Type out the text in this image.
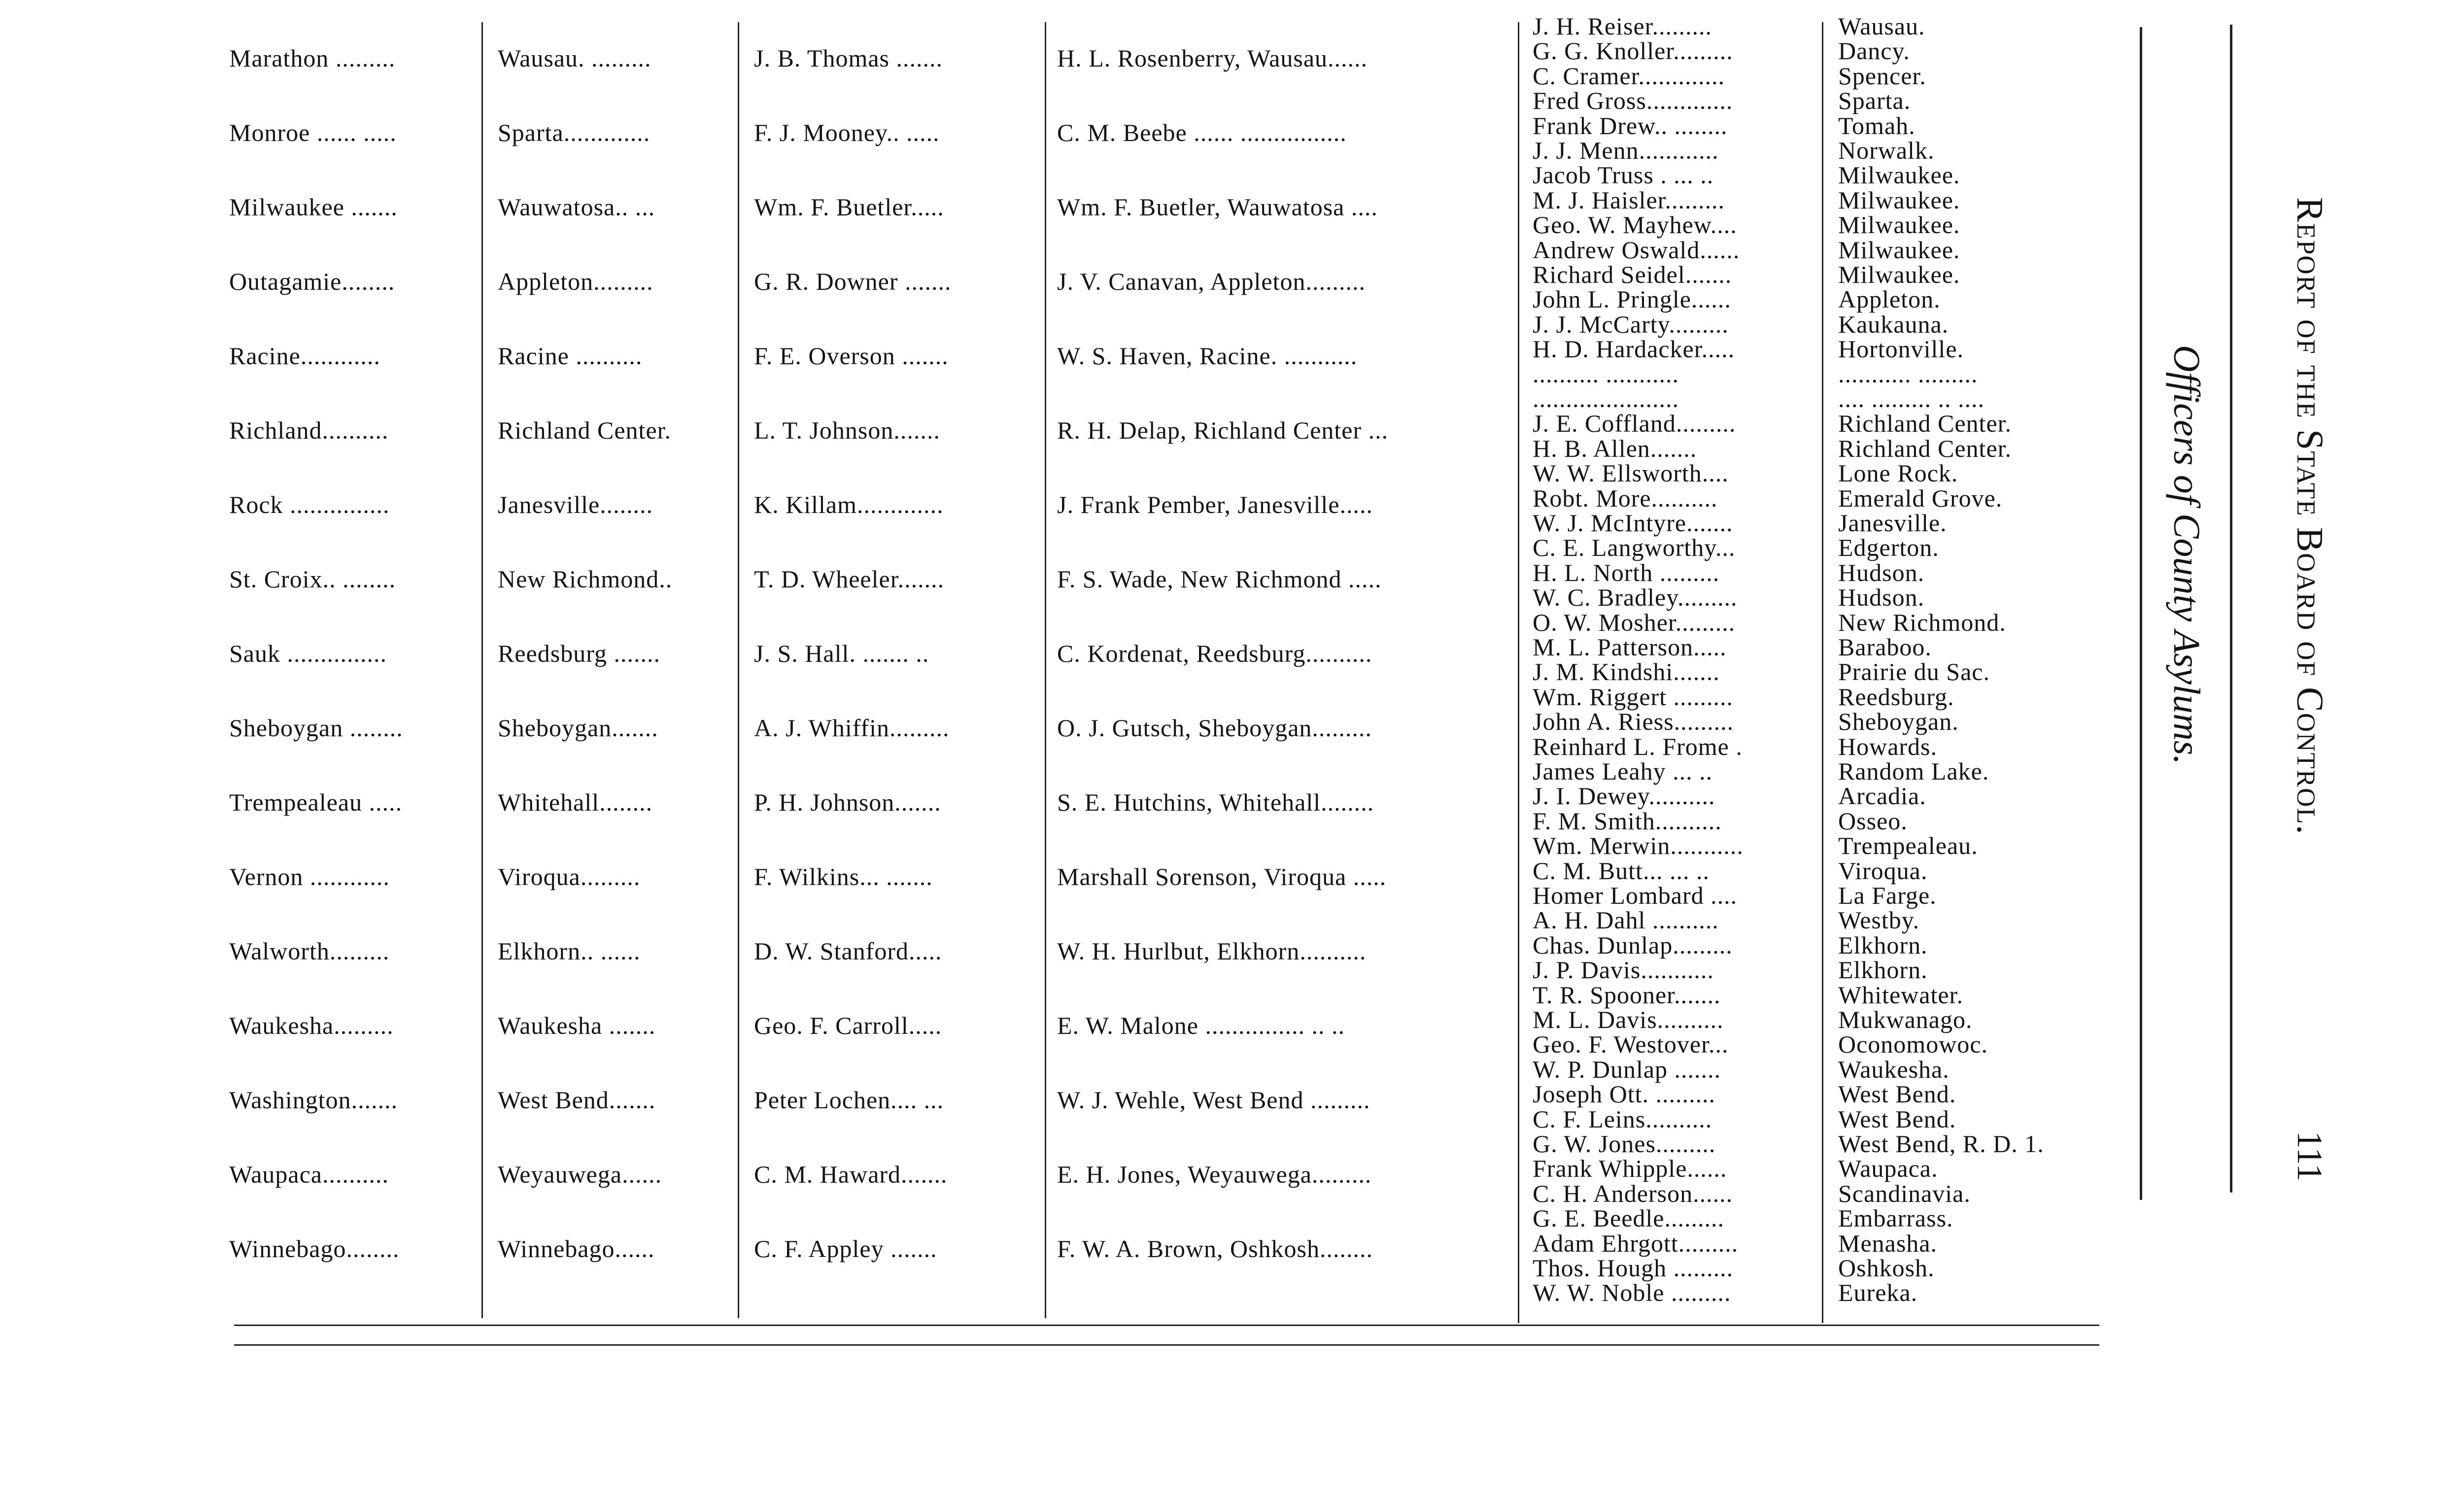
Marathon .........	Wausau. .........	J. B. Thomas .......	H. L. Rosenberry, Wausau......
Monroe ...... .....	Sparta.............	F. J. Mooney.. .....	C. M. Beebe ...... ................
Milwaukee .......	Wauwatosa.. ...	Wm. F. Buetler.....	Wm. F. Buetler, Wauwatosa ....
Outagamie........	Appleton.........	G. R. Downer .......	J. V. Canavan, Appleton.........
Racine............	Racine ..........	F. E. Overson .......	W. S. Haven, Racine. ...........
Richland..........	Richland Center.	L. T. Johnson.......	R. H. Delap, Richland Center ...
Rock ...............	Janesville........	K. Killam.............	J. Frank Pember, Janesville.....
St. Croix.. ........	New Richmond..	T. D. Wheeler.......	F. S. Wade, New Richmond .....
Sauk ...............	Reedsburg .......	J. S. Hall. ....... ..	C. Kordenat, Reedsburg..........
Sheboygan ........	Sheboygan.......	A. J. Whiffin.........	O. J. Gutsch, Sheboygan.........
Trempealeau .....	Whitehall........	P. H. Johnson.......	S. E. Hutchins, Whitehall........
Vernon ............	Viroqua.........	F. Wilkins... .......	Marshall Sorenson, Viroqua .....
Walworth.........	Elkhorn.. ......	D. W. Stanford.....	W. H. Hurlbut, Elkhorn..........
Waukesha.........	Waukesha .......	Geo. F. Carroll.....	E. W. Malone ............... .. ..
Washington.......	West Bend.......	Peter Lochen.... ...	W. J. Wehle, West Bend .........
Waupaca..........	Weyauwega......	C. M. Haward.......	E. H. Jones, Weyauwega.........
Winnebago........	Winnebago......	C. F. Appley .......	F. W. A. Brown, Oshkosh........
J. H. Reiser.........	Wausau.
G. G. Knoller.........	Dancy.
C. Cramer.............	Spencer.
Fred Gross.............	Sparta.
Frank Drew.. ........	Tomah.
J. J. Menn............	Norwalk.
Jacob Truss . ... ..	Milwaukee.
M. J. Haisler.........	Milwaukee.
Geo. W. Mayhew....	Milwaukee.
Andrew Oswald......	Milwaukee.
Richard Seidel.......	Milwaukee.
John L. Pringle......	Appleton.
J. J. McCarty.........	Kaukauna.
H. D. Hardacker.....	Hortonville.
.......... ...........	........... .........
......................	.... ......... .. ....
J. E. Coffland.........	Richland Center.
H. B. Allen.......	Richland Center.
W. W. Ellsworth....	Lone Rock.
Robt. More..........	Emerald Grove.
W. J. McIntyre.......	Janesville.
C. E. Langworthy...	Edgerton.
H. L. North .........	Hudson.
W. C. Bradley.........	Hudson.
O. W. Mosher.........	New Richmond.
M. L. Patterson.....	Baraboo.
J. M. Kindshi.......	Prairie du Sac.
Wm. Riggert .........	Reedsburg.
John A. Riess.........	Sheboygan.
Reinhard L. Frome .	Howards.
James Leahy ... ..	Random Lake.
J. I. Dewey..........	Arcadia.
F. M. Smith..........	Osseo.
Wm. Merwin...........	Trempealeau.
C. M. Butt... ... ..	Viroqua.
Homer Lombard ....	La Farge.
A. H. Dahl ..........	Westby.
Chas. Dunlap.........	Elkhorn.
J. P. Davis...........	Elkhorn.
T. R. Spooner.......	Whitewater.
M. L. Davis..........	Mukwanago.
Geo. F. Westover...	Oconomowoc.
W. P. Dunlap .......	Waukesha.
Joseph Ott. .........	West Bend.
C. F. Leins..........	West Bend.
G. W. Jones.........	West Bend, R. D. 1.
Frank Whipple......	Waupaca.
C. H. Anderson......	Scandinavia.
G. E. Beedle.........	Embarrass.
Adam Ehrgott.........	Menasha.
Thos. Hough .........	Oshkosh.
W. W. Noble .........	Eureka.
Report of the State Board of Control.
Officers of County Asylums.
111
